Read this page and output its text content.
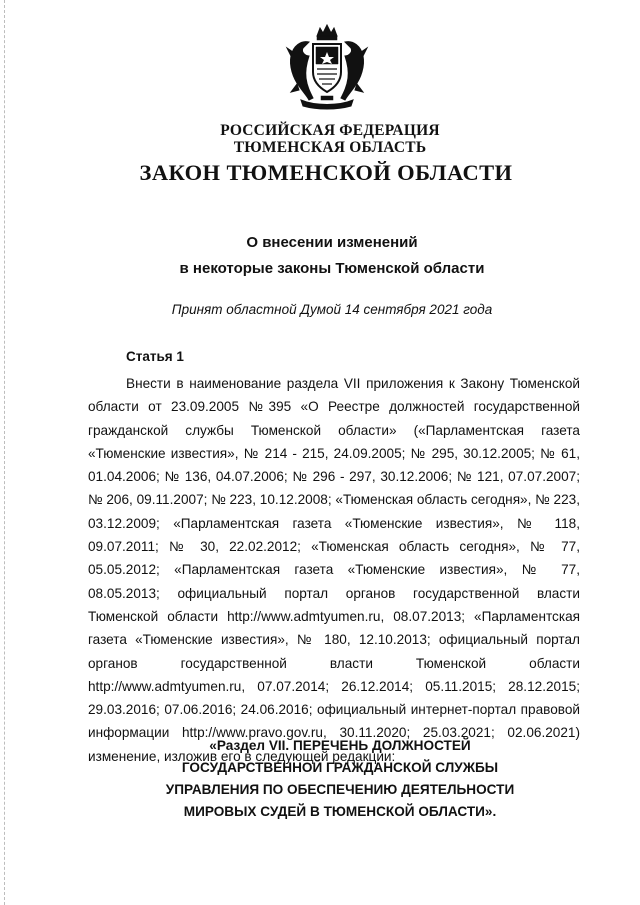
РОССИЙСКАЯ ФЕДЕРАЦИЯ
ТЮМЕНСКАЯ ОБЛАСТЬ
ЗАКОН ТЮМЕНСКОЙ ОБЛАСТИ
О внесении изменений
в некоторые законы Тюменской области
Принят областной Думой 14 сентября 2021 года
Статья 1

Внести в наименование раздела VII приложения к Закону Тюменской области от 23.09.2005 №395 «О Реестре должностей государственной гражданской службы Тюменской области» («Парламентская газета «Тюменские известия», № 214 - 215, 24.09.2005; № 295, 30.12.2005; № 61, 01.04.2006; № 136, 04.07.2006; № 296 - 297, 30.12.2006; № 121, 07.07.2007; № 206, 09.11.2007; № 223, 10.12.2008; «Тюменская область сегодня», № 223, 03.12.2009; «Парламентская газета «Тюменские известия», № 118, 09.07.2011; № 30, 22.02.2012; «Тюменская область сегодня», № 77, 05.05.2012; «Парламентская газета «Тюменские известия», № 77, 08.05.2013; официальный портал органов государственной власти Тюменской области http://www.admtyumen.ru, 08.07.2013; «Парламентская газета «Тюменские известия», № 180, 12.10.2013; официальный портал органов государственной власти Тюменской области http://www.admtyumen.ru, 07.07.2014; 26.12.2014; 05.11.2015; 28.12.2015; 29.03.2016; 07.06.2016; 24.06.2016; официальный интернет-портал правовой информации http://www.pravo.gov.ru, 30.11.2020; 25.03.2021; 02.06.2021) изменение, изложив его в следующей редакции:

«Раздел VII. ПЕРЕЧЕНЬ ДОЛЖНОСТЕЙ
ГОСУДАРСТВЕННОЙ ГРАЖДАНСКОЙ СЛУЖБЫ
УПРАВЛЕНИЯ ПО ОБЕСПЕЧЕНИЮ ДЕЯТЕЛЬНОСТИ
МИРОВЫХ СУДЕЙ В ТЮМЕНСКОЙ ОБЛАСТИ».
